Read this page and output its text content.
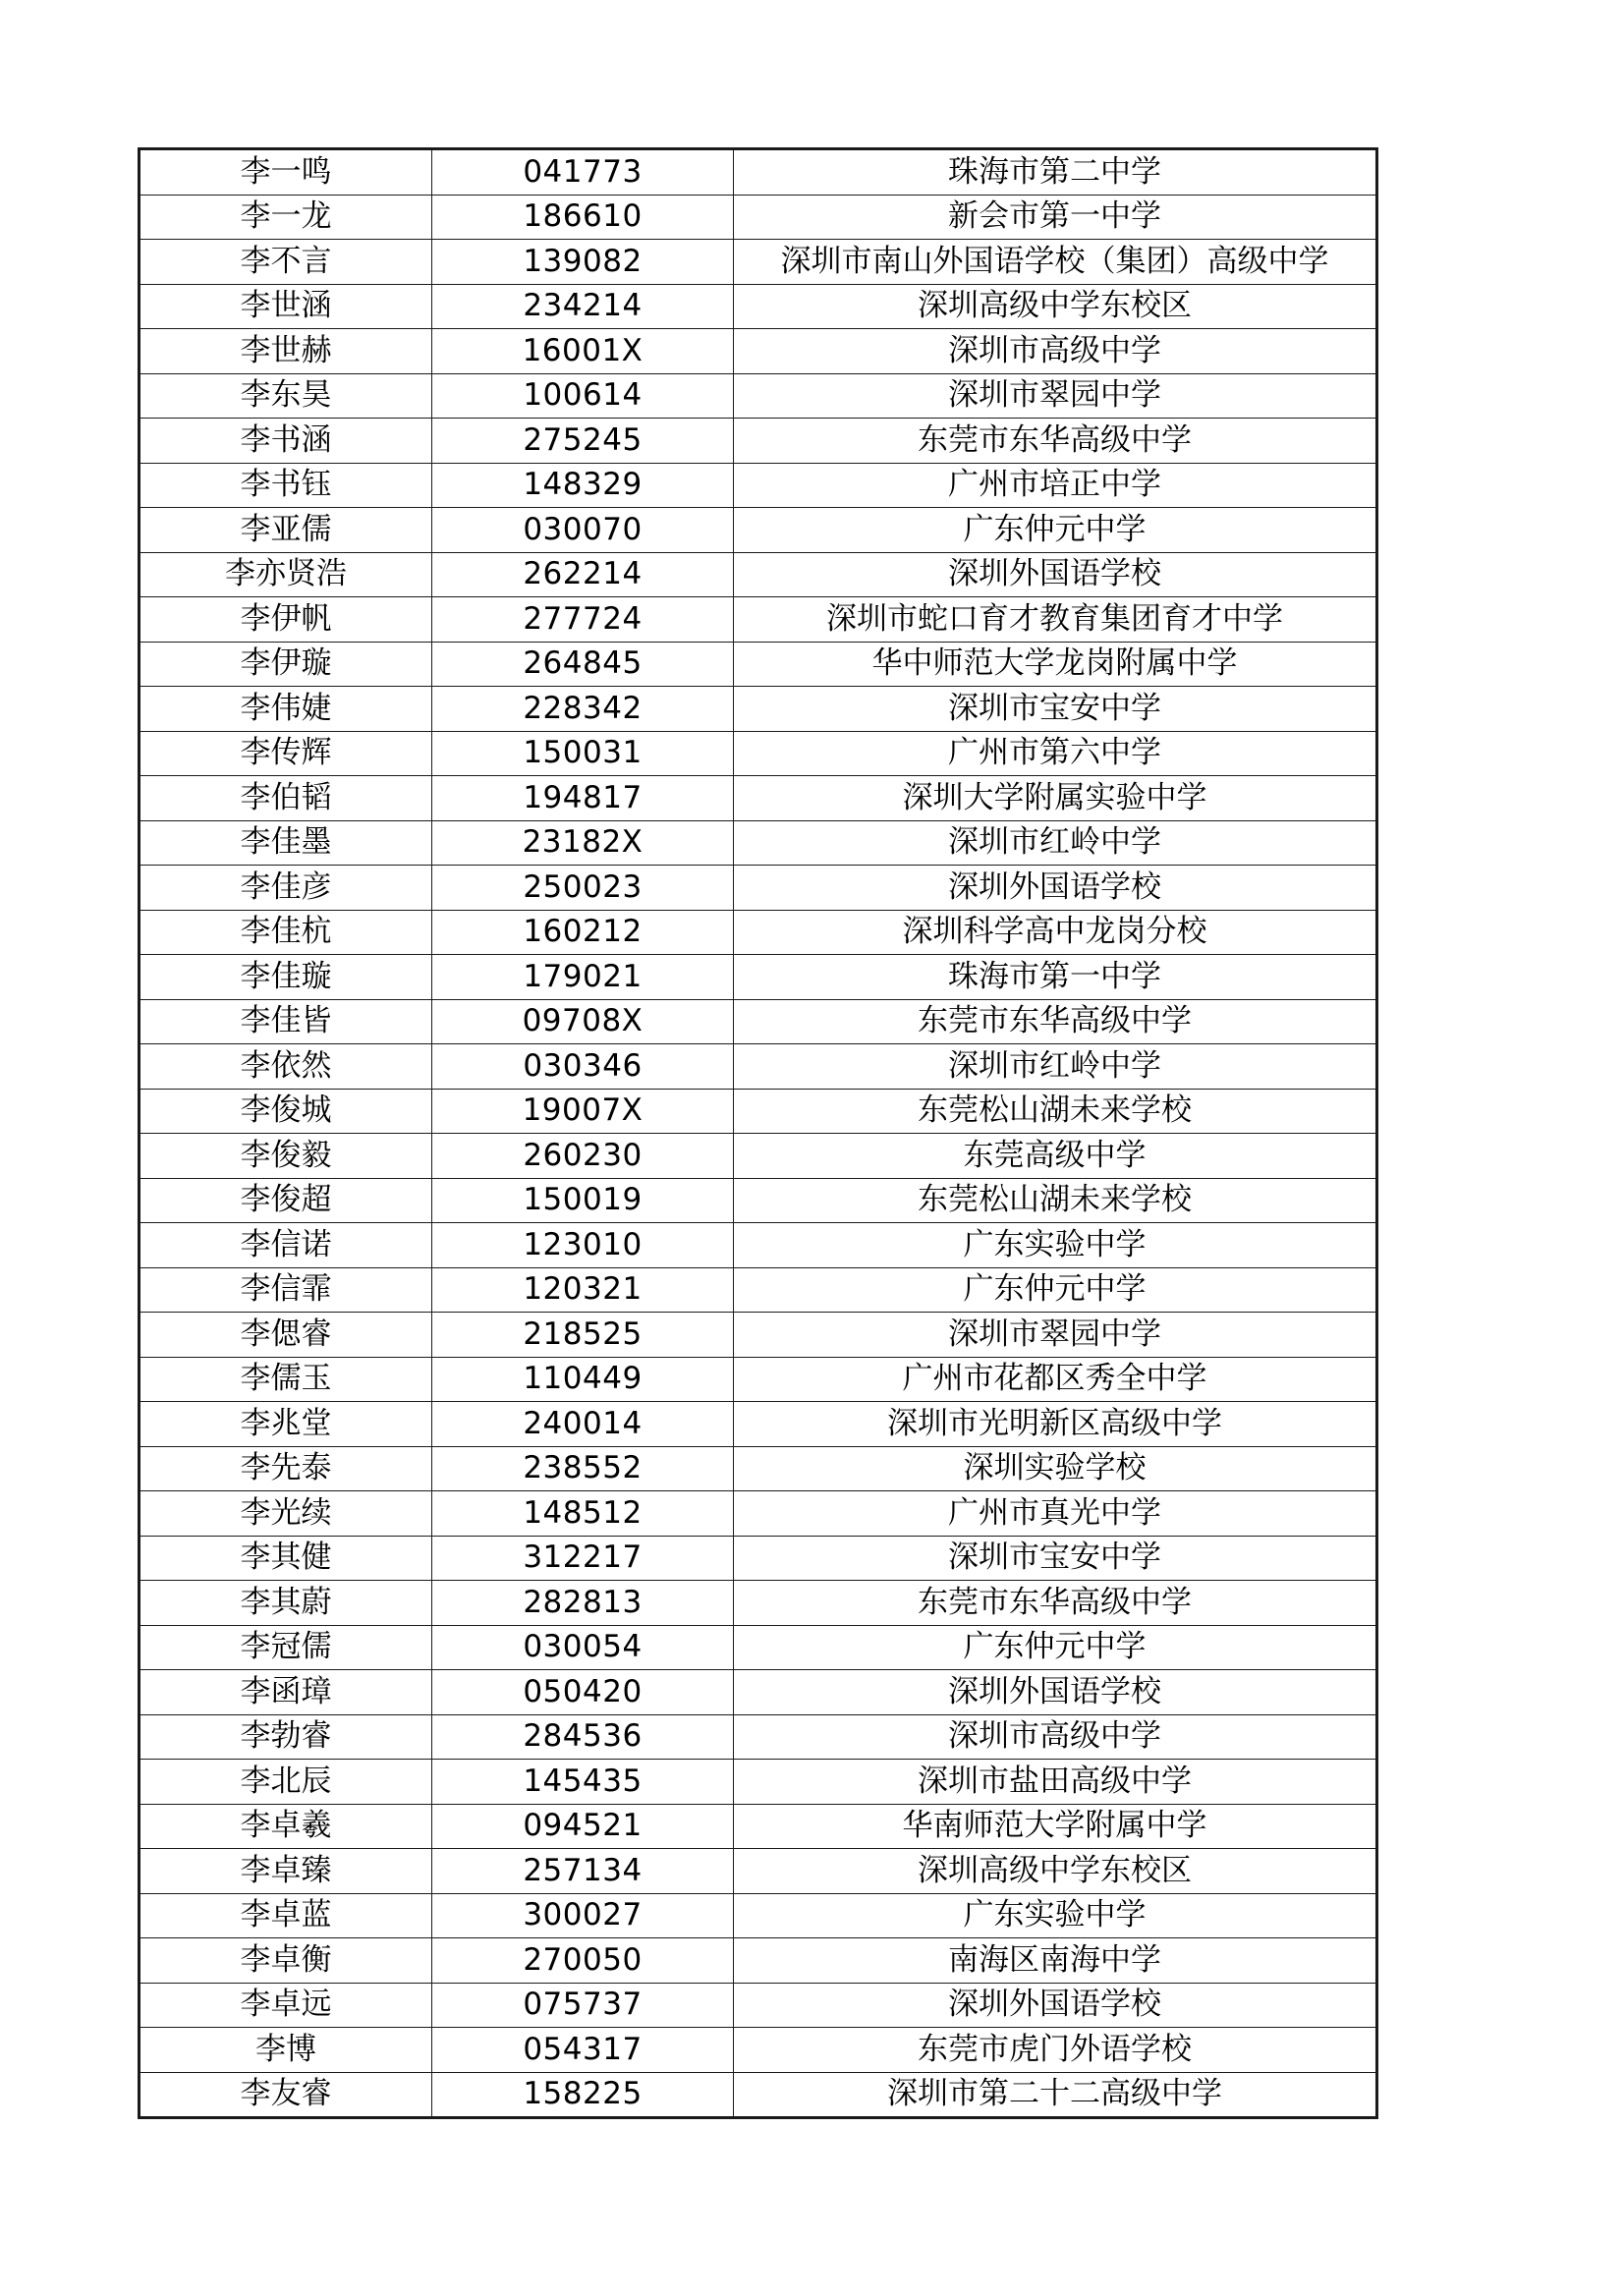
李一鸣	041773	珠海市第二中学
李一龙	186610	新会市第一中学
李不言	139082	深圳市南山外国语学校（集团）高级中学
李世涵	234214	深圳高级中学东校区
李世赫	16001X	深圳市高级中学
李东昊	100614	深圳市翠园中学
李书涵	275245	东莞市东华高级中学
李书钰	148329	广州市培正中学
李亚儒	030070	广东仲元中学
李亦贤浩	262214	深圳外国语学校
李伊帆	277724	深圳市蛇口育才教育集团育才中学
李伊璇	264845	华中师范大学龙岗附属中学
李伟婕	228342	深圳市宝安中学
李传辉	150031	广州市第六中学
李伯韬	194817	深圳大学附属实验中学
李佳墨	23182X	深圳市红岭中学
李佳彦	250023	深圳外国语学校
李佳杭	160212	深圳科学高中龙岗分校
李佳璇	179021	珠海市第一中学
李佳皆	09708X	东莞市东华高级中学
李依然	030346	深圳市红岭中学
李俊城	19007X	东莞松山湖未来学校
李俊毅	260230	东莞高级中学
李俊超	150019	东莞松山湖未来学校
李信诺	123010	广东实验中学
李信霏	120321	广东仲元中学
李偲睿	218525	深圳市翠园中学
李儒玉	110449	广州市花都区秀全中学
李兆堂	240014	深圳市光明新区高级中学
李先泰	238552	深圳实验学校
李光续	148512	广州市真光中学
李其健	312217	深圳市宝安中学
李其蔚	282813	东莞市东华高级中学
李冠儒	030054	广东仲元中学
李函璋	050420	深圳外国语学校
李勃睿	284536	深圳市高级中学
李北辰	145435	深圳市盐田高级中学
李卓羲	094521	华南师范大学附属中学
李卓臻	257134	深圳高级中学东校区
李卓蓝	300027	广东实验中学
李卓衡	270050	南海区南海中学
李卓远	075737	深圳外国语学校
李博	054317	东莞市虎门外语学校
李友睿	158225	深圳市第二十二高级中学
